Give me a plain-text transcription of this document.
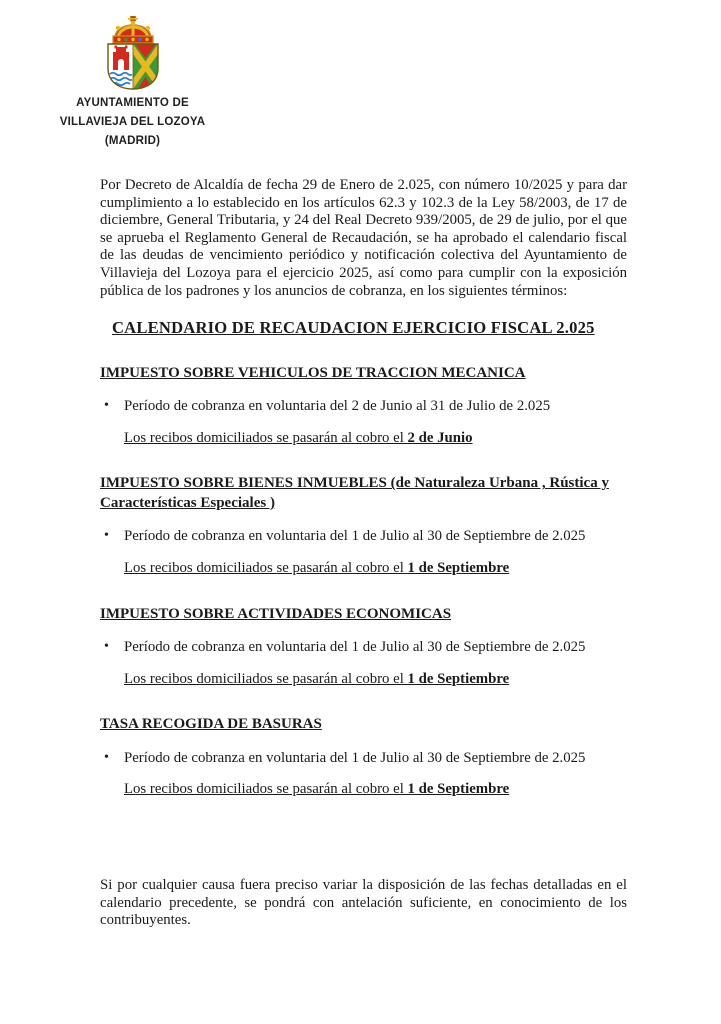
AYUNTAMIENTO DE
VILLAVIEJA DEL LOZOYA
(MADRID)

Por Decreto de Alcaldía de fecha 29 de Enero de 2.025, con número 10/2025 y para dar cumplimiento a lo establecido en los artículos 62.3 y 102.3 de la Ley 58/2003, de 17 de diciembre, General Tributaria, y 24 del Real Decreto 939/2005, de 29 de julio, por el que se aprueba el Reglamento General de Recaudación, se ha aprobado el calendario fiscal de las deudas de vencimiento periódico y notificación colectiva del Ayuntamiento de Villavieja del Lozoya para el ejercicio 2025, así como para cumplir con la exposición pública de los padrones y los anuncios de cobranza, en los siguientes términos:

CALENDARIO DE RECAUDACION EJERCICIO FISCAL 2.025
IMPUESTO SOBRE VEHICULOS DE TRACCION MECANICA
• Período de cobranza en voluntaria del 2 de Junio al 31 de Julio de 2.025
Los recibos domiciliados se pasarán al cobro el 2 de Junio
IMPUESTO SOBRE BIENES INMUEBLES (de Naturaleza Urbana , Rústica y Características Especiales )
• Período de cobranza en voluntaria del 1 de Julio al 30 de Septiembre de 2.025
Los recibos domiciliados se pasarán al cobro el 1 de Septiembre
IMPUESTO SOBRE ACTIVIDADES ECONOMICAS
• Período de cobranza en voluntaria del 1 de Julio al 30 de Septiembre de 2.025
Los recibos domiciliados se pasarán al cobro el 1 de Septiembre
TASA RECOGIDA DE BASURAS
• Período de cobranza en voluntaria del 1 de Julio al 30 de Septiembre de 2.025
Los recibos domiciliados se pasarán al cobro el 1 de Septiembre

Si por cualquier causa fuera preciso variar la disposición de las fechas detalladas en el calendario precedente, se pondrá con antelación suficiente, en conocimiento de los contribuyentes.
